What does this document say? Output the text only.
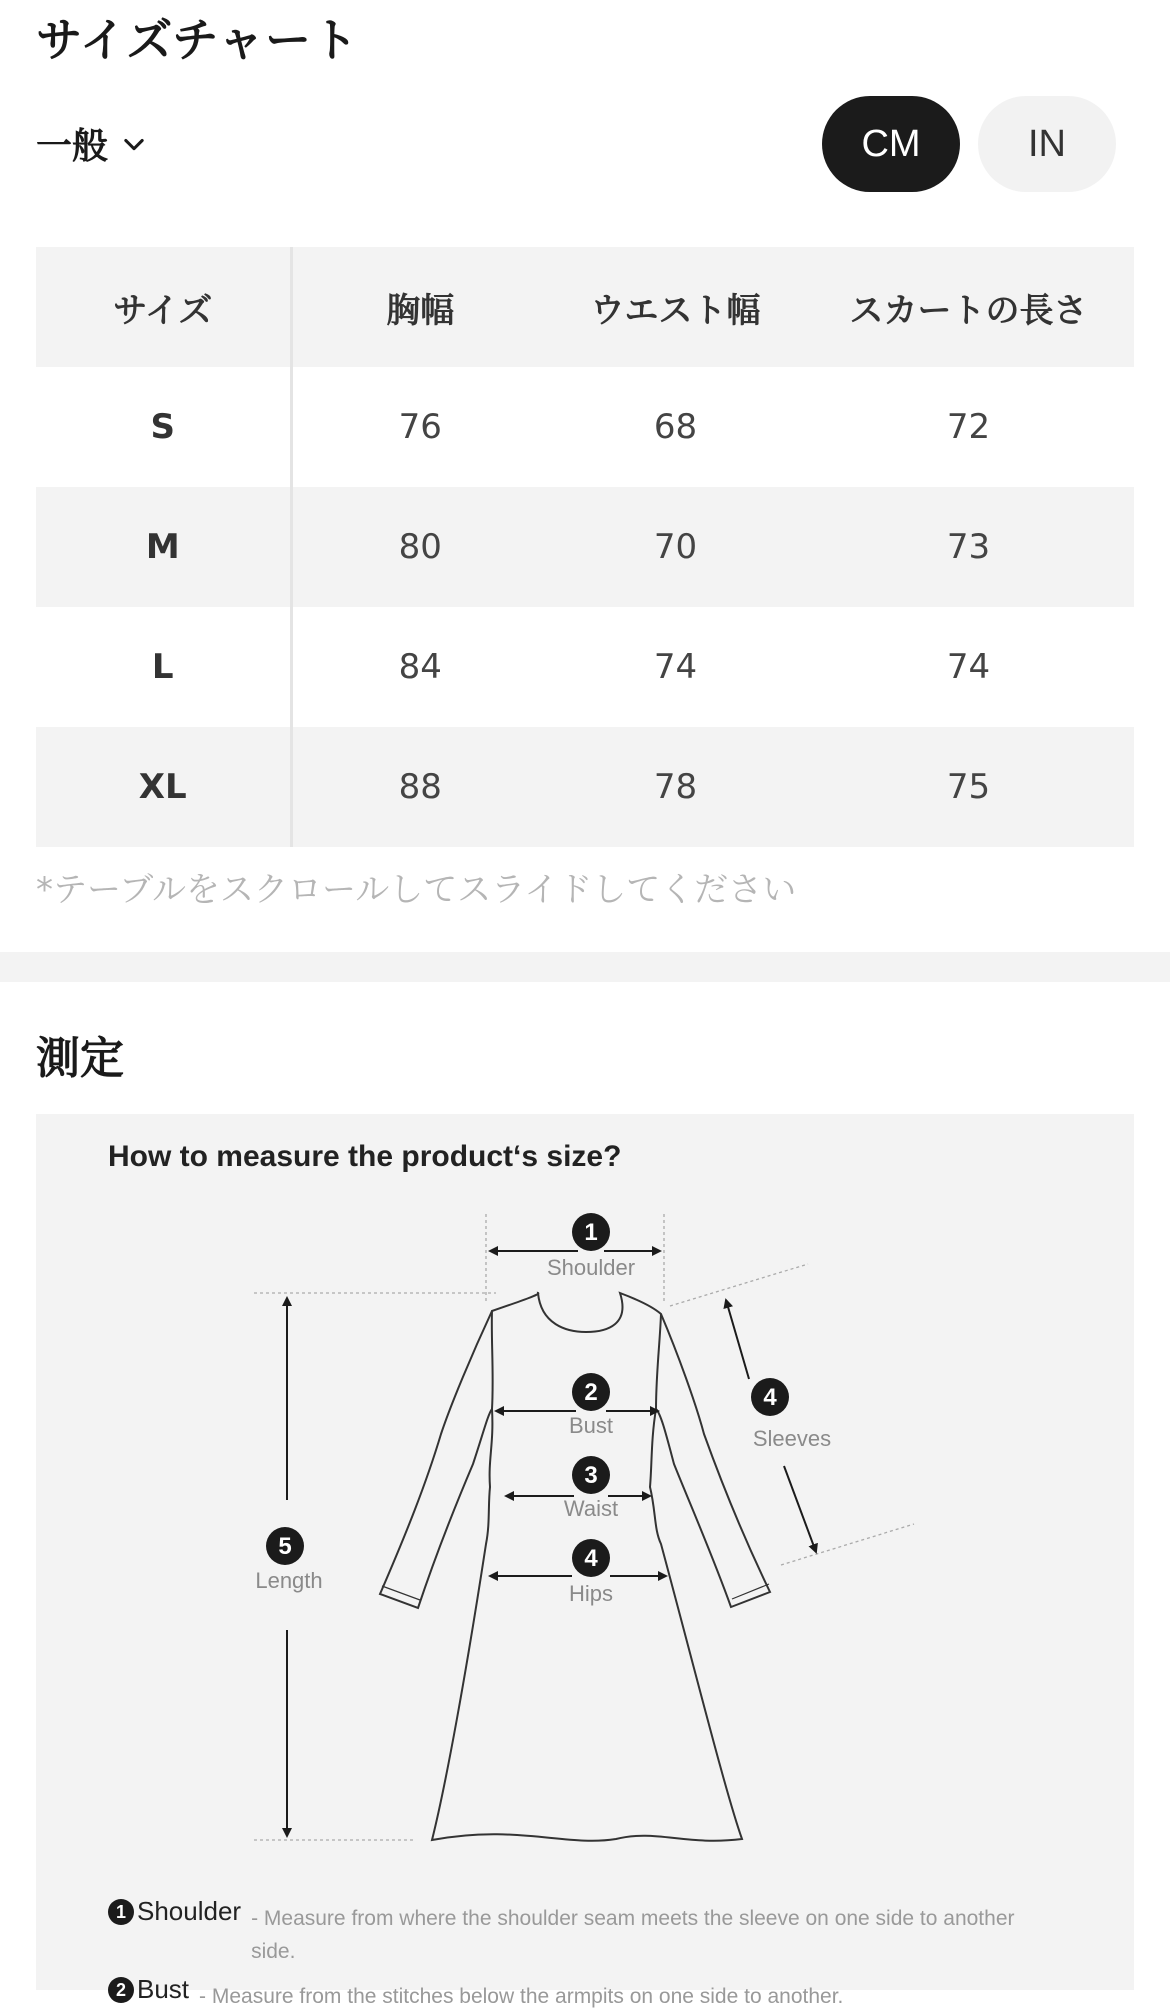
サイズチャート
一般	CM	IN
サイズ	胸幅	ウエスト幅	スカートの長さ
S	76	68	72
M	80	70	73
L	84	74	74
XL	88	78	75
*テーブルをスクロールしてスライドしてください
測定
How to measure the product‘s size?
1
Shoulder
2
Bust
3
Waist
4
Hips
4
Sleeves
5
Length
1 Shoulder - Measure from where the shoulder seam meets the sleeve on one side to another side.
2 Bust - Measure from the stitches below the armpits on one side to another.
